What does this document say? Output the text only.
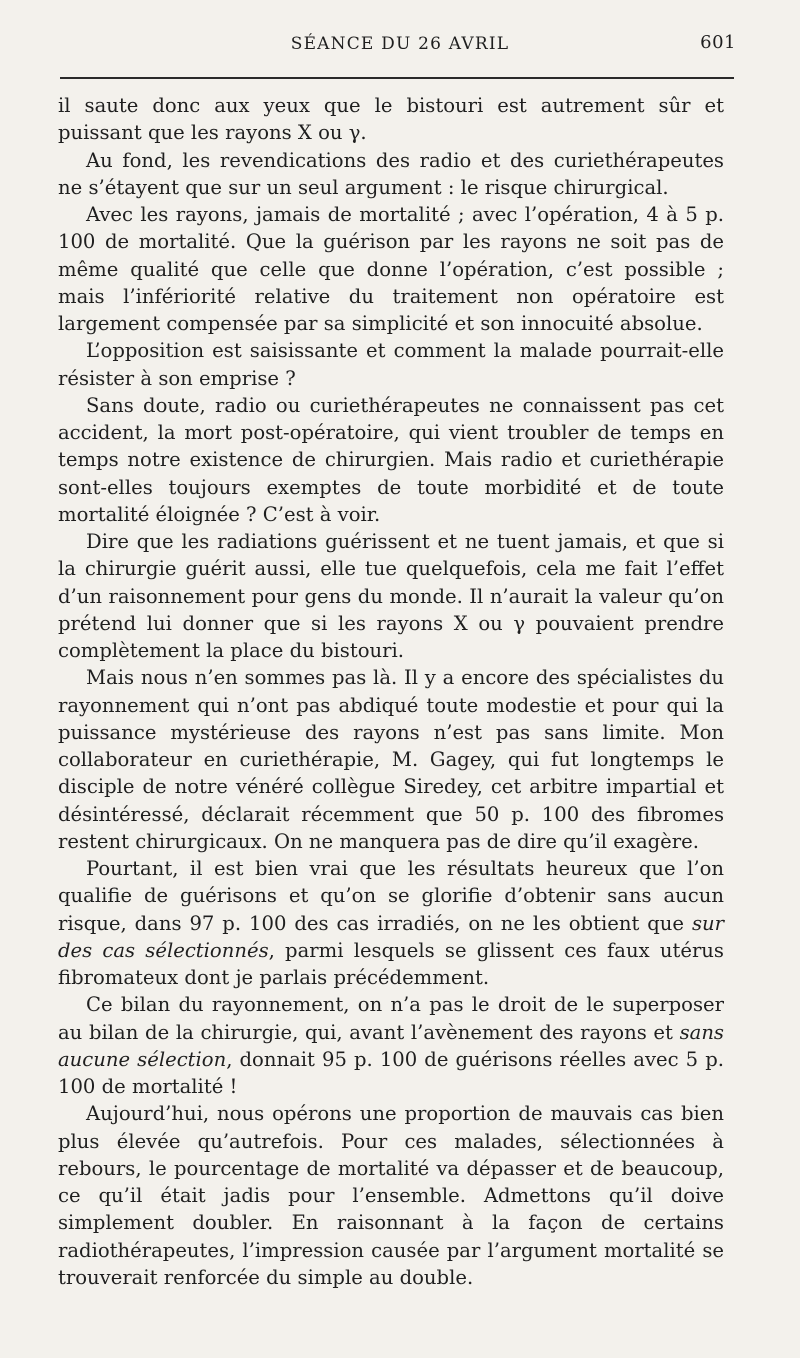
SÉANCE DU 26 AVRIL	601

il saute donc aux yeux que le bistouri est autrement sûr et puissant que les rayons X ou γ.

Au fond, les revendications des radio et des curiethérapeutes ne s’étayent que sur un seul argument : le risque chirurgical.

Avec les rayons, jamais de mortalité ; avec l’opération, 4 à 5 p. 100 de mortalité. Que la guérison par les rayons ne soit pas de même qualité que celle que donne l’opération, c’est possible ; mais l’infériorité relative du traitement non opératoire est largement compensée par sa simplicité et son innocuité absolue.

L’opposition est saisissante et comment la malade pourrait-elle résister à son emprise ?

Sans doute, radio ou curiethérapeutes ne connaissent pas cet accident, la mort post-opératoire, qui vient troubler de temps en temps notre existence de chirurgien. Mais radio et curiethérapie sont-elles toujours exemptes de toute morbidité et de toute mortalité éloignée ? C’est à voir.

Dire que les radiations guérissent et ne tuent jamais, et que si la chirurgie guérit aussi, elle tue quelquefois, cela me fait l’effet d’un raisonnement pour gens du monde. Il n’aurait la valeur qu’on prétend lui donner que si les rayons X ou γ pouvaient prendre complètement la place du bistouri.

Mais nous n’en sommes pas là. Il y a encore des spécialistes du rayonnement qui n’ont pas abdiqué toute modestie et pour qui la puissance mystérieuse des rayons n’est pas sans limite. Mon collaborateur en curiethérapie, M. Gagey, qui fut longtemps le disciple de notre vénéré collègue Siredey, cet arbitre impartial et désintéressé, déclarait récemment que 50 p. 100 des fibromes restent chirurgicaux. On ne manquera pas de dire qu’il exagère.

Pourtant, il est bien vrai que les résultats heureux que l’on qualifie de guérisons et qu’on se glorifie d’obtenir sans aucun risque, dans 97 p. 100 des cas irradiés, on ne les obtient que sur des cas sélectionnés, parmi lesquels se glissent ces faux utérus fibromateux dont je parlais précédemment.

Ce bilan du rayonnement, on n’a pas le droit de le superposer au bilan de la chirurgie, qui, avant l’avènement des rayons et sans aucune sélection, donnait 95 p. 100 de guérisons réelles avec 5 p. 100 de mortalité !

Aujourd’hui, nous opérons une proportion de mauvais cas bien plus élevée qu’autrefois. Pour ces malades, sélectionnées à rebours, le pourcentage de mortalité va dépasser et de beaucoup, ce qu’il était jadis pour l’ensemble. Admettons qu’il doive simplement doubler. En raisonnant à la façon de certains radiothérapeutes, l’impression causée par l’argument mortalité se trouverait renforcée du simple au double.
